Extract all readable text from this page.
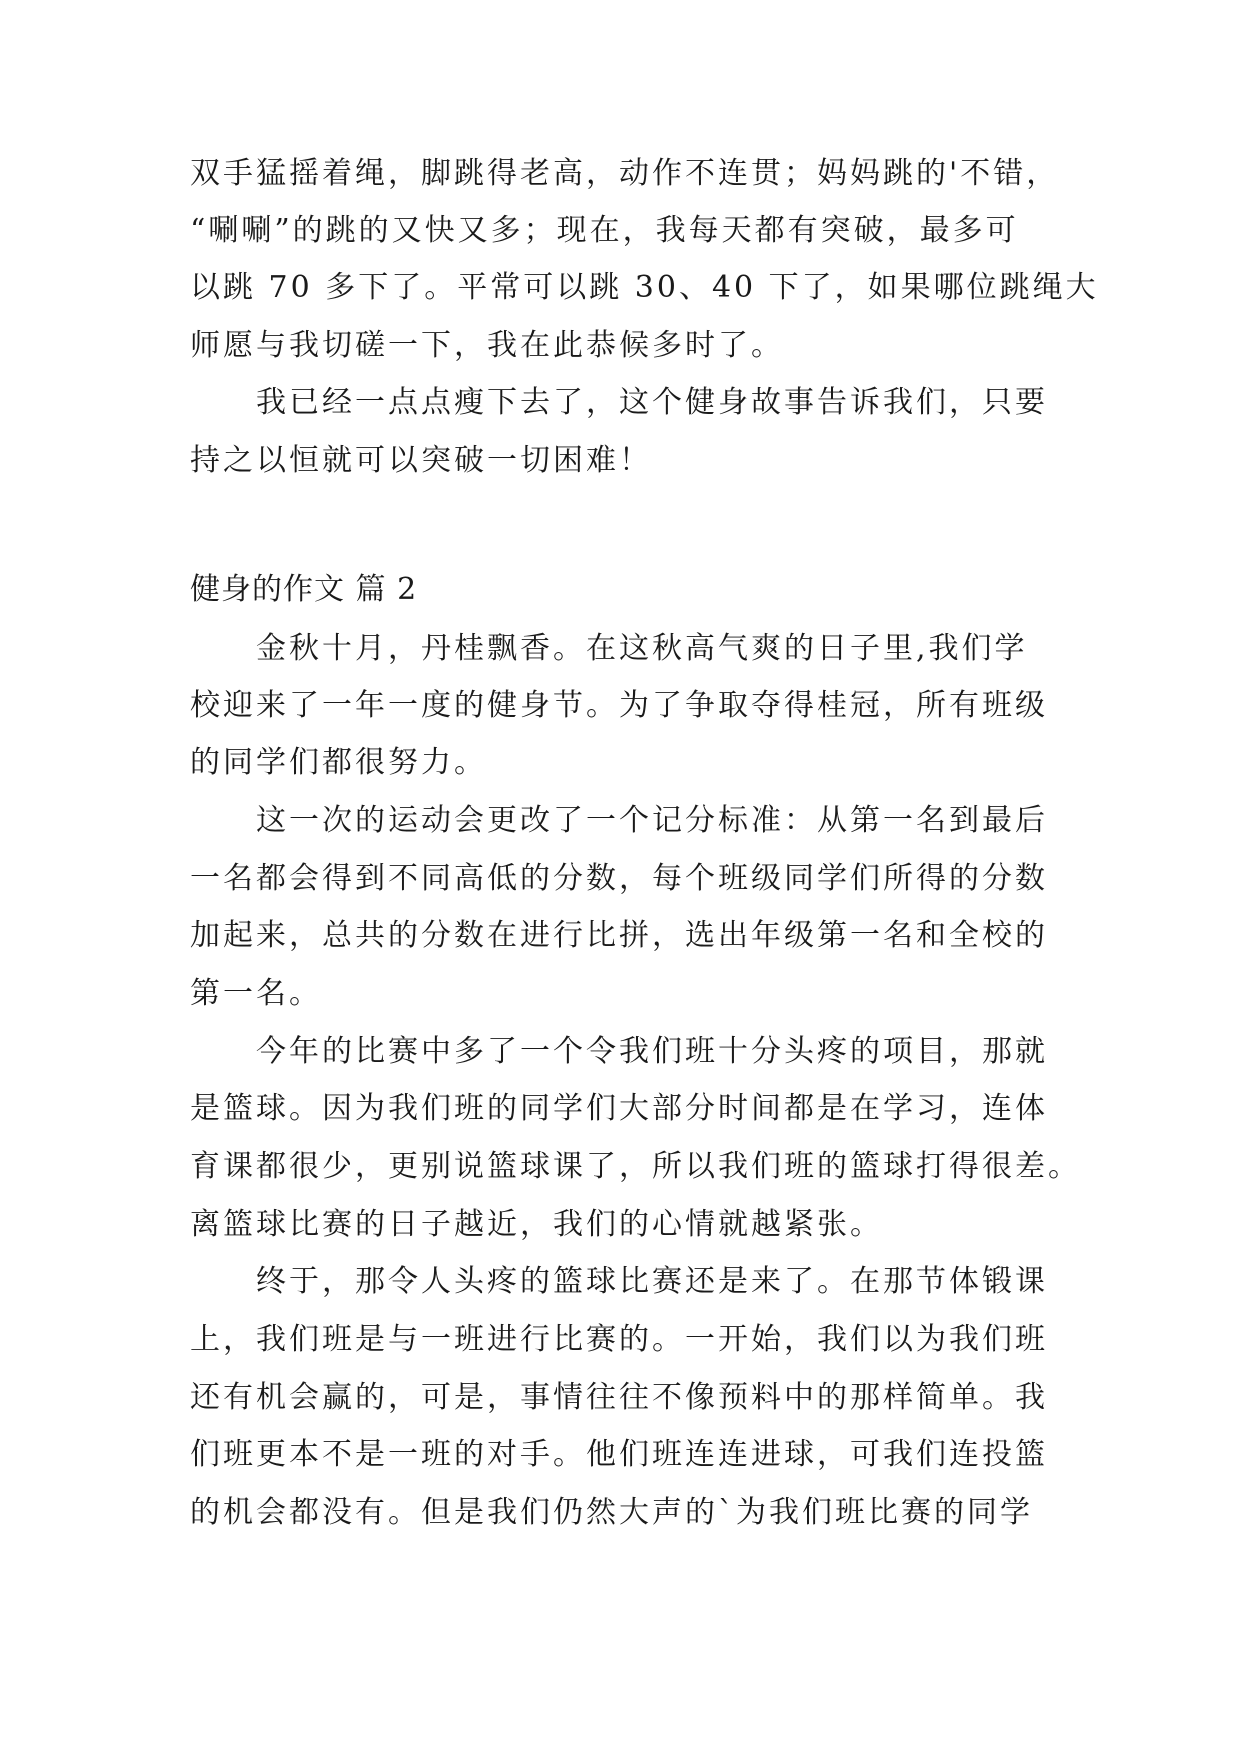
双手猛摇着绳，脚跳得老高，动作不连贯；妈妈跳的'不错，
“唰唰”的跳的又快又多；现在，我每天都有突破，最多可
以跳 70 多下了。平常可以跳 30、40 下了，如果哪位跳绳大
师愿与我切磋一下，我在此恭候多时了。
　　我已经一点点瘦下去了，这个健身故事告诉我们，只要
持之以恒就可以突破一切困难！
健身的作文 篇 2
　　金秋十月，丹桂飘香。在这秋高气爽的日子里,我们学
校迎来了一年一度的健身节。为了争取夺得桂冠，所有班级
的同学们都很努力。
　　这一次的运动会更改了一个记分标准：从第一名到最后
一名都会得到不同高低的分数，每个班级同学们所得的分数
加起来，总共的分数在进行比拼，选出年级第一名和全校的
第一名。
　　今年的比赛中多了一个令我们班十分头疼的项目，那就
是篮球。因为我们班的同学们大部分时间都是在学习，连体
育课都很少，更别说篮球课了，所以我们班的篮球打得很差。
离篮球比赛的日子越近，我们的心情就越紧张。
　　终于，那令人头疼的篮球比赛还是来了。在那节体锻课
上，我们班是与一班进行比赛的。一开始，我们以为我们班
还有机会赢的，可是，事情往往不像预料中的那样简单。我
们班更本不是一班的对手。他们班连连进球，可我们连投篮
的机会都没有。但是我们仍然大声的`为我们班比赛的同学
